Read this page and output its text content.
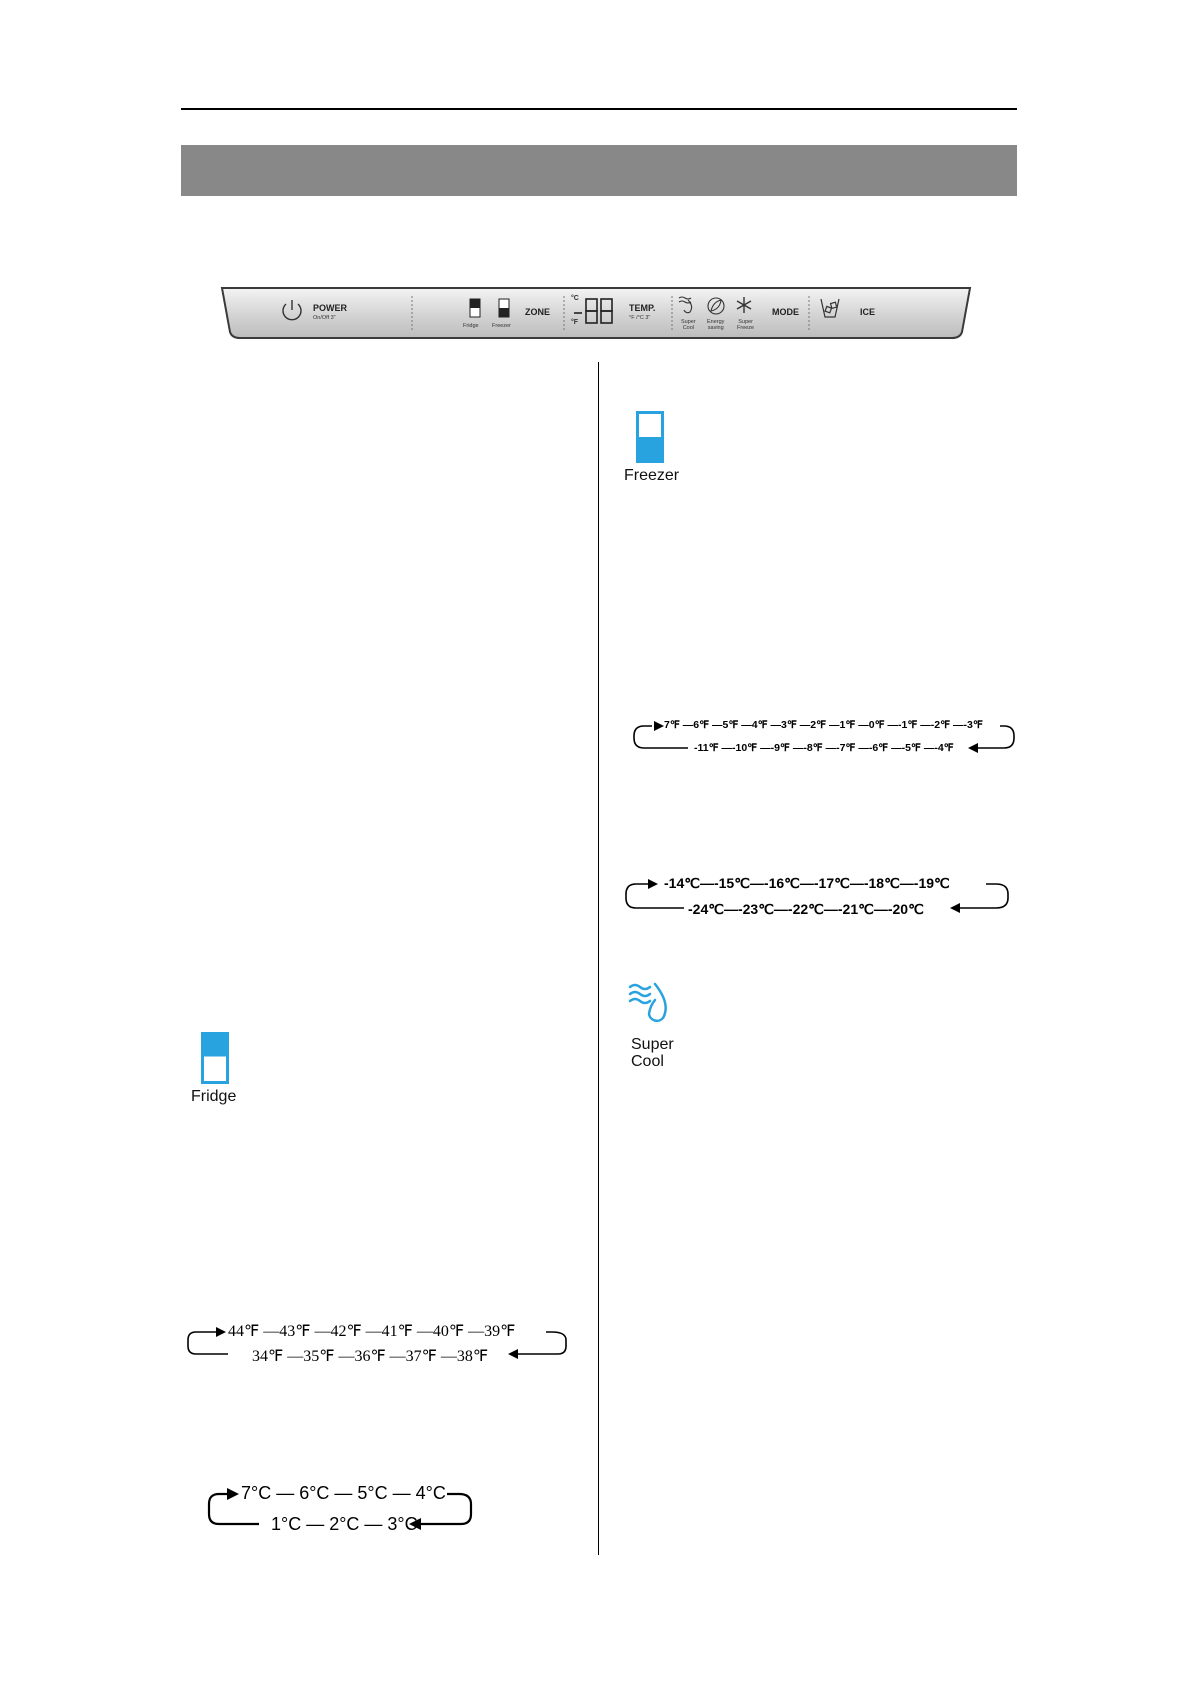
POWER
On/Off 3"
Fridge Freezer
ZONE
°C
°F
TEMP.
°F /°C 3"
Super
Cool
Energy
saving
Super
Freeze
MODE	ICE
Freezer
Fridge
Super
Cool
44℉ —43℉ —42℉ —41℉ —40℉ —39℉
34℉ —35℉ —36℉ —37℉ —38℉
7°C — 6°C — 5°C — 4°C
1°C — 2°C — 3°C
7℉ —6℉ —5℉ —4℉ —3℉ —2℉ —1℉ —0℉ —-1℉ —-2℉ —-3℉
-11℉ —-10℉ —-9℉ —-8℉ —-7℉ —-6℉ —-5℉ —-4℉
-14℃—-15℃—-16℃—-17℃—-18℃—-19℃
-24℃—-23℃—-22℃—-21℃—-20℃
